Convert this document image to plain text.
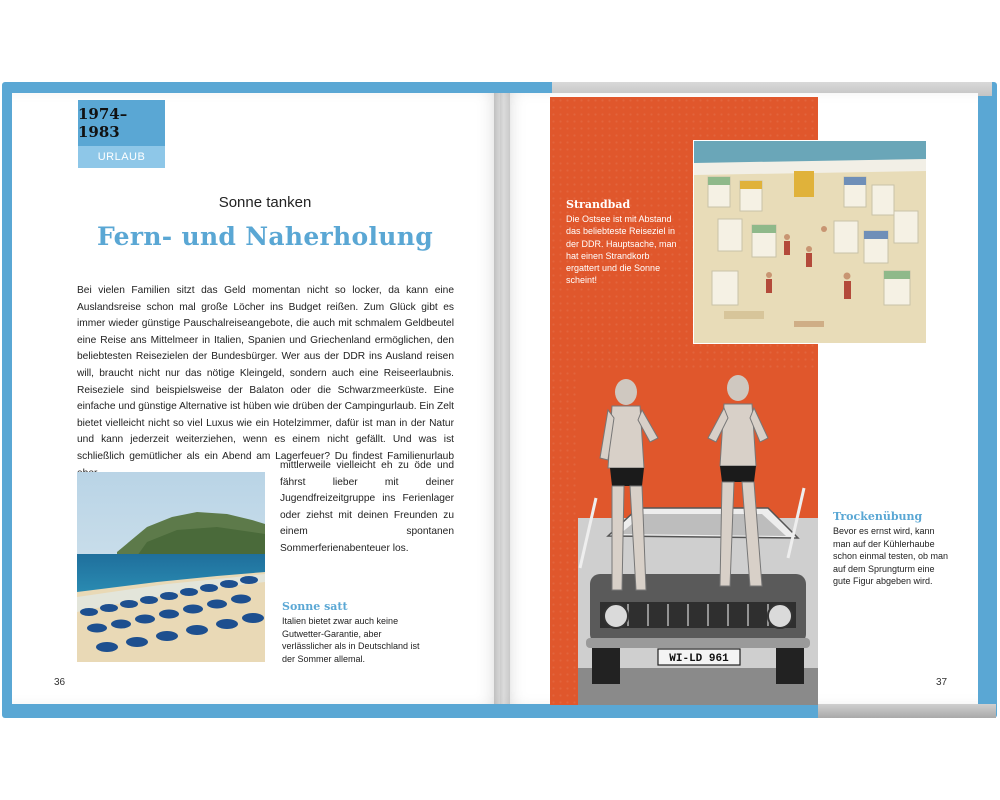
1974–1983
URLAUB
Sonne tanken
Fern- und Naherholung
Bei vielen Familien sitzt das Geld momentan nicht so locker, da kann eine Auslandsreise schon mal große Löcher ins Budget reißen. Zum Glück gibt es immer wieder günstige Pauschalreiseangebote, die auch mit schmalem Geldbeutel eine Reise ans Mittelmeer in Italien, Spanien und Griechenland ermöglichen, den beliebtesten Reisezielen der Bundesbürger. Wer aus der DDR ins Ausland reisen will, braucht nicht nur das nötige Kleingeld, sondern auch eine Reiseerlaubnis. Reiseziele sind beispielsweise der Balaton oder die Schwarzmeerküste. Eine einfache und günstige Alternative ist hüben wie drüben der Campingurlaub. Ein Zelt bietet vielleicht nicht so viel Luxus wie ein Hotelzimmer, dafür ist man in der Natur und kann jederzeit weiterziehen, wenn es einem nicht gefällt. Und was ist schließlich gemütlicher als ein Abend am Lagerfeuer? Du findest Familienurlaub
mittlerweile vielleicht eh zu öde und fährst lieber mit deiner Jugendfreizeitgruppe ins Ferienlager oder ziehst mit deinen Freunden zu einem spontanen Sommerferienabenteuer los.
Sonne satt
Italien bietet zwar auch keine Gutwetter-Garantie, aber verlässlicher als in Deutschland ist der Sommer allemal.
36
Strandbad
Die Ostsee ist mit Abstand das beliebteste Reiseziel in der DDR. Hauptsache, man hat einen Strandkorb ergattert und die Sonne scheint!
WI-LD 961
Trockenübung
Bevor es ernst wird, kann man auf der Kühlerhaube schon einmal testen, ob man auf dem Sprungturm eine gute Figur abgeben wird.
37
